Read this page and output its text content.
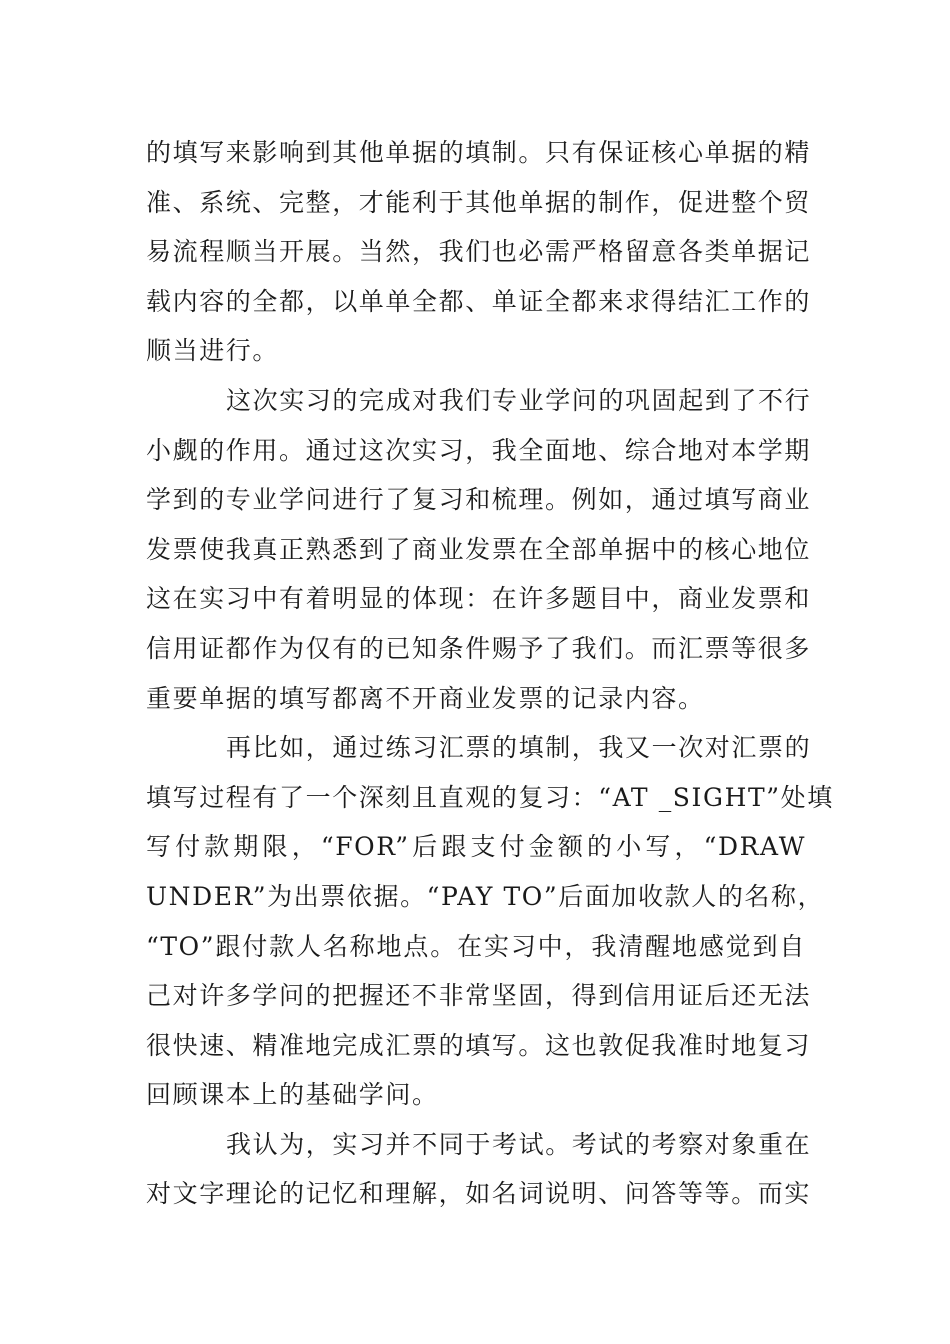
的填写来影响到其他单据的填制。只有保证核心单据的精
准、系统、完整，才能利于其他单据的制作，促进整个贸
易流程顺当开展。当然，我们也必需严格留意各类单据记
载内容的全都，以单单全都、单证全都来求得结汇工作的
顺当进行。
这次实习的完成对我们专业学问的巩固起到了不行
小觑的作用。通过这次实习，我全面地、综合地对本学期
学到的专业学问进行了复习和梳理。例如，通过填写商业
发票使我真正熟悉到了商业发票在全部单据中的核心地位
这在实习中有着明显的体现：在许多题目中，商业发票和
信用证都作为仅有的已知条件赐予了我们。而汇票等很多
重要单据的填写都离不开商业发票的记录内容。
再比如，通过练习汇票的填制，我又一次对汇票的
填写过程有了一个深刻且直观的复习：“AT _SIGHT”处填
写付款期限，“FOR”后跟支付金额的小写，“DRAW
UNDER”为出票依据。“PAY TO”后面加收款人的名称，
“TO”跟付款人名称地点。在实习中，我清醒地感觉到自
己对许多学问的把握还不非常坚固，得到信用证后还无法
很快速、精准地完成汇票的填写。这也敦促我准时地复习
回顾课本上的基础学问。
我认为，实习并不同于考试。考试的考察对象重在
对文字理论的记忆和理解，如名词说明、问答等等。而实
